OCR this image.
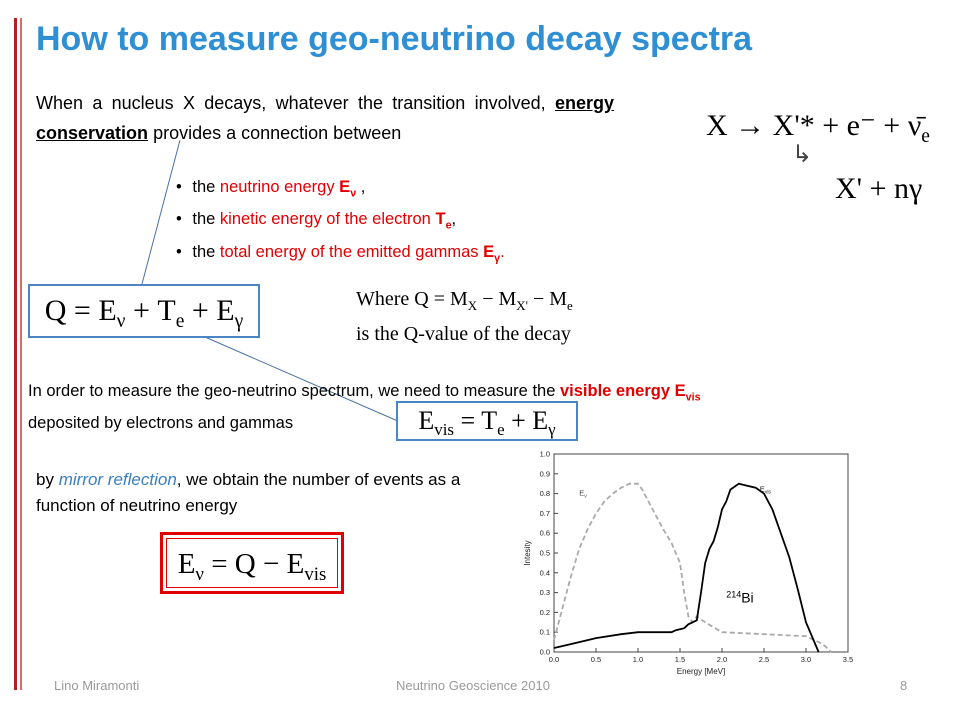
How to measure geo-neutrino decay spectra
When a nucleus X decays, whatever the transition involved, energy conservation provides a connection between
• the neutrino energy $E_\nu$ ,
• the kinetic energy of the electron $T_e$,
• the total energy of the emitted gammas $E_\gamma$.
$X \to X'* + e^- + \nū_e$
↳
X' + nγ
$Q = E_\nu + T_e + E_\gamma$
Where $Q = M_X - M_{X'} - M_e$
is the Q-value of the decay
In order to measure the geo-neutrino spectrum, we need to measure the visible energy $E_{vis}$
deposited by electrons and gammas	$E_{vis} = T_e + E_\gamma$
by mirror reflection, we obtain the number of events as a function of neutrino energy
$E_\nu = Q - E_{vis}$
0.0	0.5	1.0	1.5	2.0	2.5	3.0	3.5
0.0
0.1
0.2
0.3
0.4
0.5
0.6
0.7
0.8
0.9
1.0
Energy [MeV]
Intesity
$E_\nu$
$E_{vis}$
$^{214}$Bi
Lino Miramonti	Neutrino Geoscience 2010	8
